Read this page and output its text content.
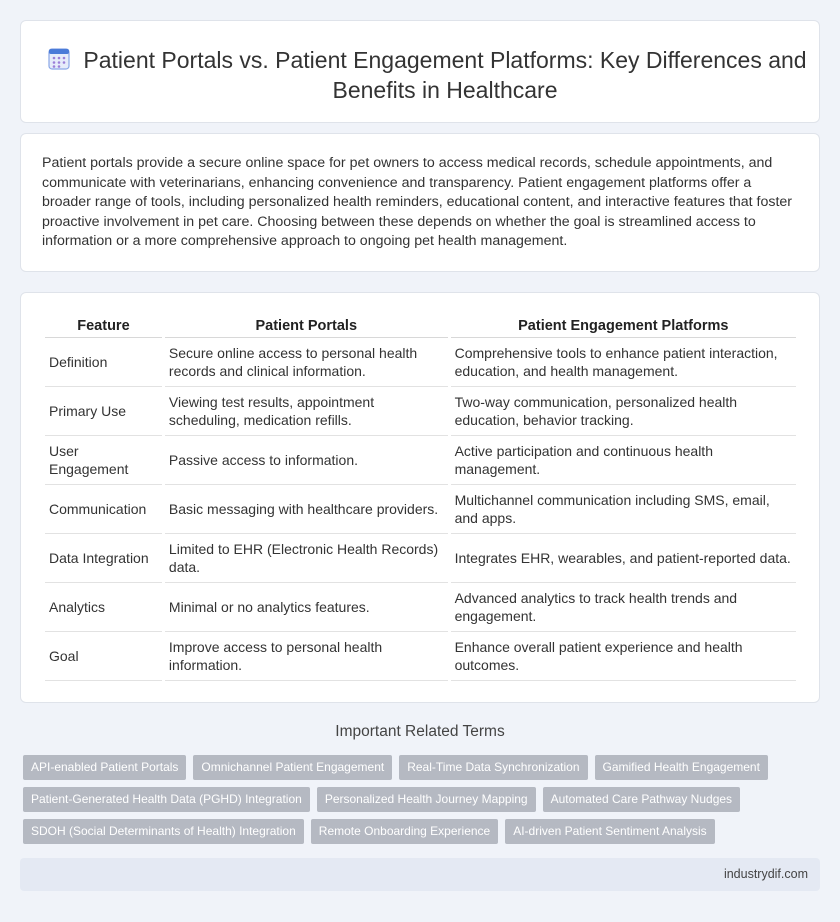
Patient Portals vs. Patient Engagement Platforms: Key Differences and Benefits in Healthcare

Patient portals provide a secure online space for pet owners to access medical records, schedule appointments, and communicate with veterinarians, enhancing convenience and transparency. Patient engagement platforms offer a broader range of tools, including personalized health reminders, educational content, and interactive features that foster proactive involvement in pet care. Choosing between these depends on whether the goal is streamlined access to information or a more comprehensive approach to ongoing pet health management.

Feature	Patient Portals	Patient Engagement Platforms
Definition	Secure online access to personal health records and clinical information.	Comprehensive tools to enhance patient interaction, education, and health management.
Primary Use	Viewing test results, appointment scheduling, medication refills.	Two-way communication, personalized health education, behavior tracking.
User Engagement	Passive access to information.	Active participation and continuous health management.
Communication	Basic messaging with healthcare providers.	Multichannel communication including SMS, email, and apps.
Data Integration	Limited to EHR (Electronic Health Records) data.	Integrates EHR, wearables, and patient-reported data.
Analytics	Minimal or no analytics features.	Advanced analytics to track health trends and engagement.
Goal	Improve access to personal health information.	Enhance overall patient experience and health outcomes.
Important Related Terms
API-enabled Patient Portals	Omnichannel Patient Engagement	Real-Time Data Synchronization	Gamified Health Engagement
Patient-Generated Health Data (PGHD) Integration	Personalized Health Journey Mapping	Automated Care Pathway Nudges
SDOH (Social Determinants of Health) Integration	Remote Onboarding Experience	AI-driven Patient Sentiment Analysis
industrydif.com
